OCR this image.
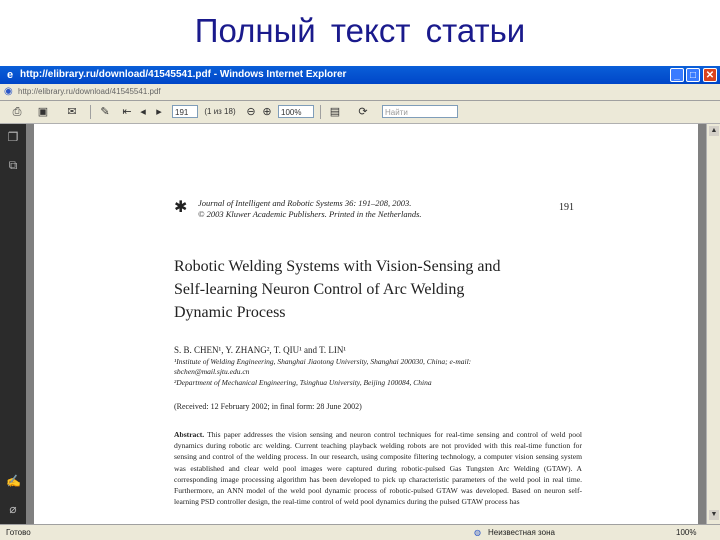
Полный текст статьи
e http://elibrary.ru/download/41545541.pdf - Windows Internet Explorer	_	□ ✕
◉ http://elibrary.ru/download/41545541.pdf
⎙	▣	✉	✎	⇤ ◂ ▸	191	(1 из 18) ⊖ ⊕	100%	▤	⟳	Найти
❐
⧉
✍
⌀
✱	Journal of Intelligent and Robotic Systems 36: 191–208, 2003.
© 2003 Kluwer Academic Publishers. Printed in the Netherlands.
191
Robotic Welding Systems with Vision-Sensing and
Self-learning Neuron Control of Arc Welding
Dynamic Process
S. B. CHEN¹, Y. ZHANG², T. QIU¹ and T. LIN¹
¹Institute of Welding Engineering, Shanghai Jiaotong University, Shanghai 200030, China; e-mail:
sbchen@mail.sjtu.edu.cn
²Department of Mechanical Engineering, Tsinghua University, Beijing 100084, China
(Received: 12 February 2002; in final form: 28 June 2002)
Abstract. This paper addresses the vision sensing and neuron control techniques for real-time sensing and control of weld pool dynamics during robotic arc welding. Current teaching playback welding robots are not provided with this real-time function for sensing and control of the welding process. In our research, using composite filtering technology, a computer vision sensing system was established and clear weld pool images were captured during robotic-pulsed Gas Tungsten Arc Welding (GTAW). A corresponding image processing algorithm has been developed to pick up characteristic parameters of the weld pool in real time. Furthermore, an ANN model of the weld pool dynamic process of robotic-pulsed GTAW was developed. Based on neuron self-learning PSD controller design, the real-time control of weld pool dynamics during the pulsed GTAW process has
▲
▼
Готово	◍ Неизвестная зона	100%
